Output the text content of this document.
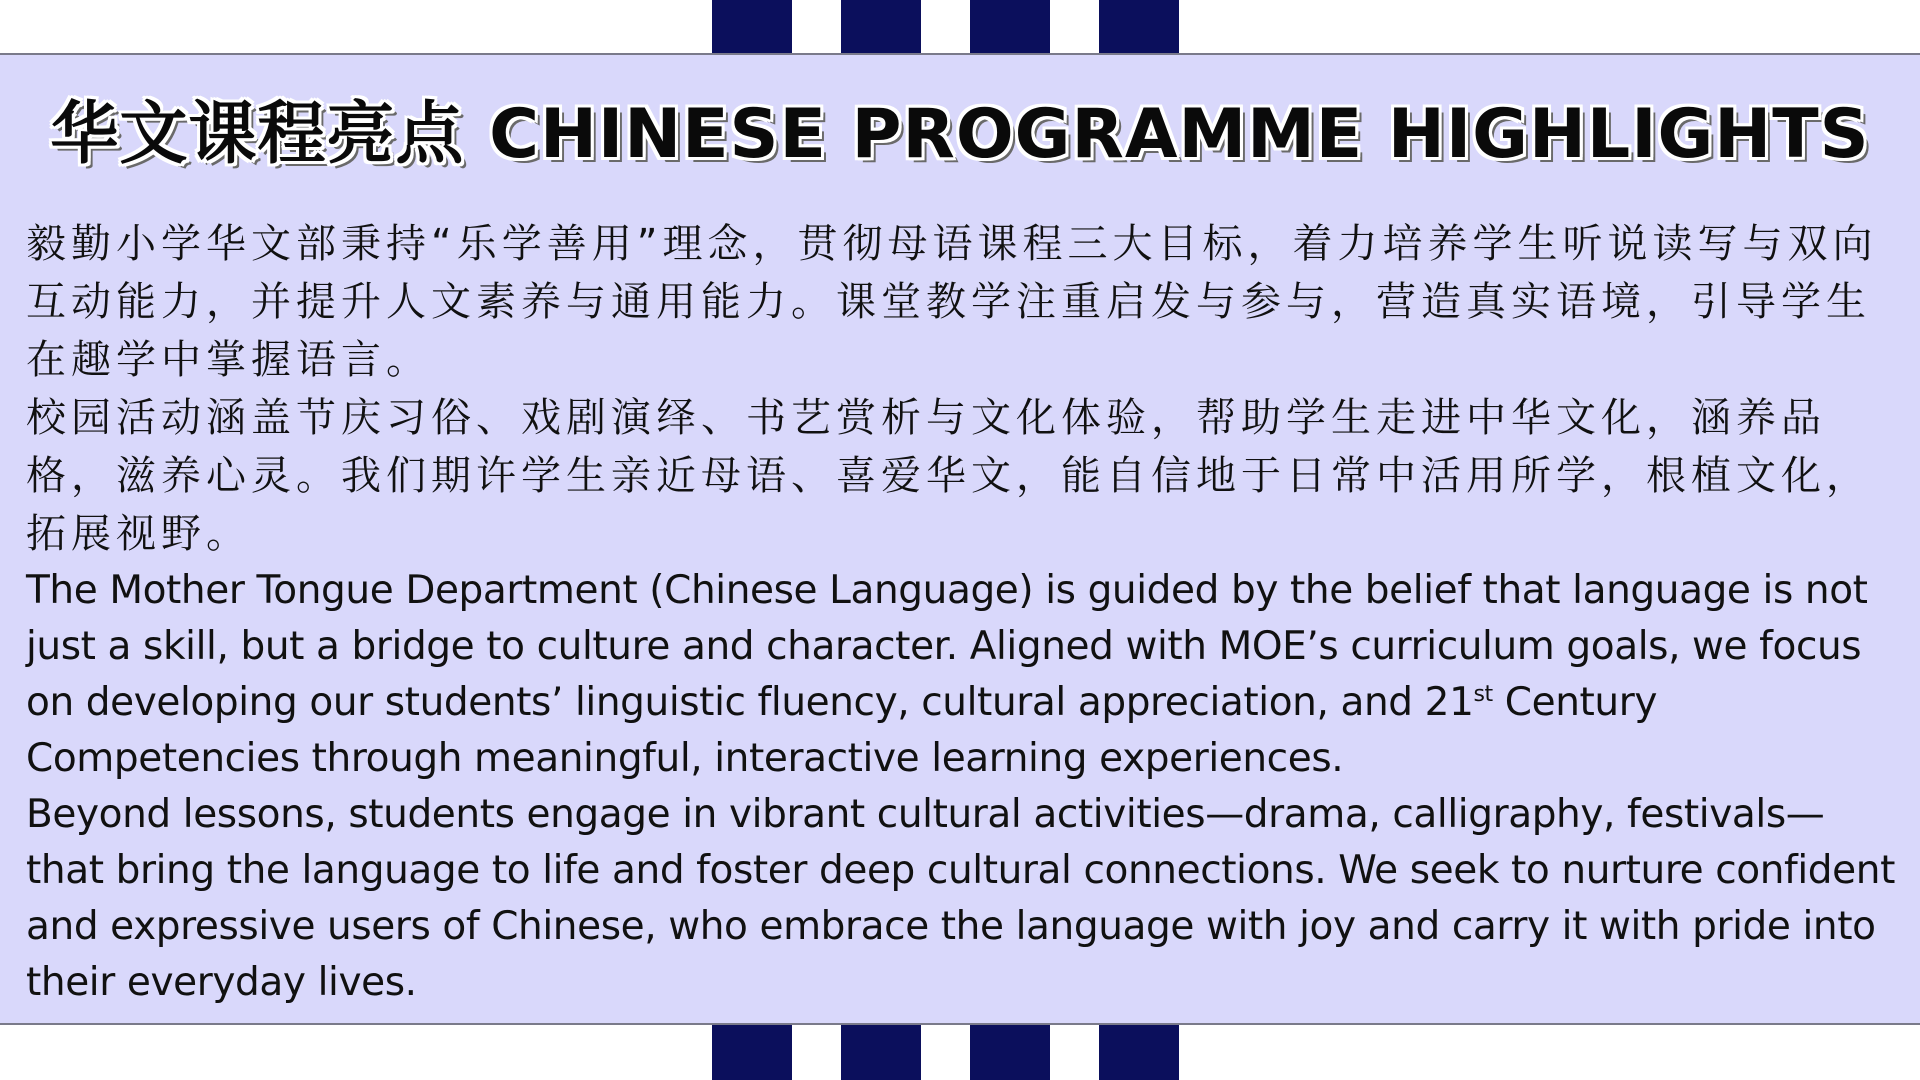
华文课程亮点 CHINESE PROGRAMME HIGHLIGHTS

毅勤小学华文部秉持“乐学善用”理念，贯彻母语课程三大目标，着力培养学生听说读写与双向互动能力，并提升人文素养与通用能力。课堂教学注重启发与参与，营造真实语境，引导学生在趣学中掌握语言。

校园活动涵盖节庆习俗、戏剧演绎、书艺赏析与文化体验，帮助学生走进中华文化，涵养品格，滋养心灵。我们期许学生亲近母语、喜爱华文，能自信地于日常中活用所学，根植文化，拓展视野。

The Mother Tongue Department (Chinese Language) is guided by the belief that language is not just a skill, but a bridge to culture and character. Aligned with MOE’s curriculum goals, we focus on developing our students’ linguistic fluency, cultural appreciation, and 21st Century Competencies through meaningful, interactive learning experiences.

Beyond lessons, students engage in vibrant cultural activities—drama, calligraphy, festivals—that bring the language to life and foster deep cultural connections. We seek to nurture confident and expressive users of Chinese, who embrace the language with joy and carry it with pride into their everyday lives.
